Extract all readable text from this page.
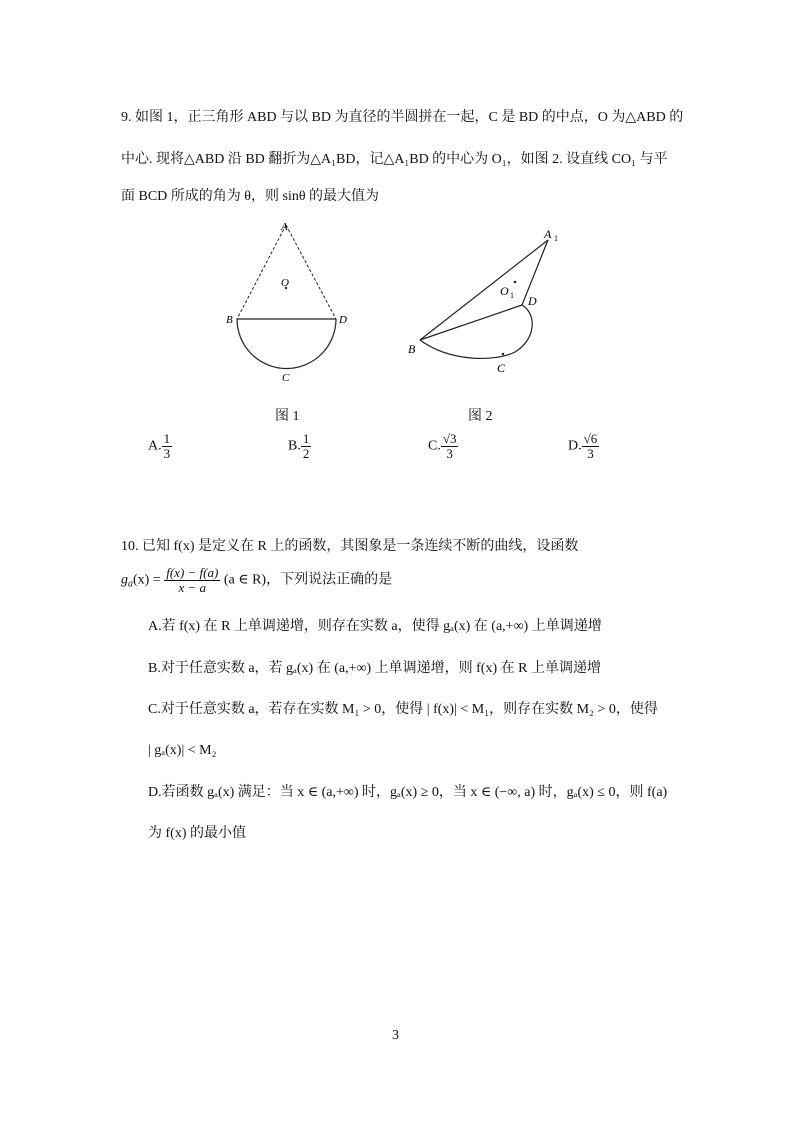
9. 如图 1，正三角形 ABD 与以 BD 为直径的半圆拼在一起，C 是 BD 的中点，O 为△ABD 的
中心. 现将△ABD 沿 BD 翻折为△A₁BD，记△A₁BD 的中心为 O₁，如图 2. 设直线 CO₁ 与平
面 BCD 所成的角为 θ，则 sinθ 的最大值为
A
O
B	D
C
A 1
O 1 D
B
C
图 1	图 2
A. $\frac{1}{3}$	B. $\frac{1}{2}$	C. $\frac{√3}{3}$	D. $\frac{√6}{3}$
10. 已知 f(x) 是定义在 R 上的函数，其图象是一条连续不断的曲线，设函数
$g_a(x) = \frac{f(x) - f(a)}{x - a} (a$ ∈ R)，下列说法正确的是
A.若 f(x) 在 R 上单调递增，则存在实数 a，使得 gₐ(x) 在 (a,+∞) 上单调递增
B.对于任意实数 a，若 gₐ(x) 在 (a,+∞) 上单调递增，则 f(x) 在 R 上单调递增
C.对于任意实数 a，若存在实数 M₁ > 0，使得 | f(x)| < M₁，则存在实数 M₂ > 0，使得
| gₐ(x)| < M₂
D.若函数 gₐ(x) 满足：当 x ∈ (a,+∞) 时，gₐ(x) ≥ 0，当 x ∈ (−∞, a) 时，gₐ(x) ≤ 0，则 f(a)
为 f(x) 的最小值
3
